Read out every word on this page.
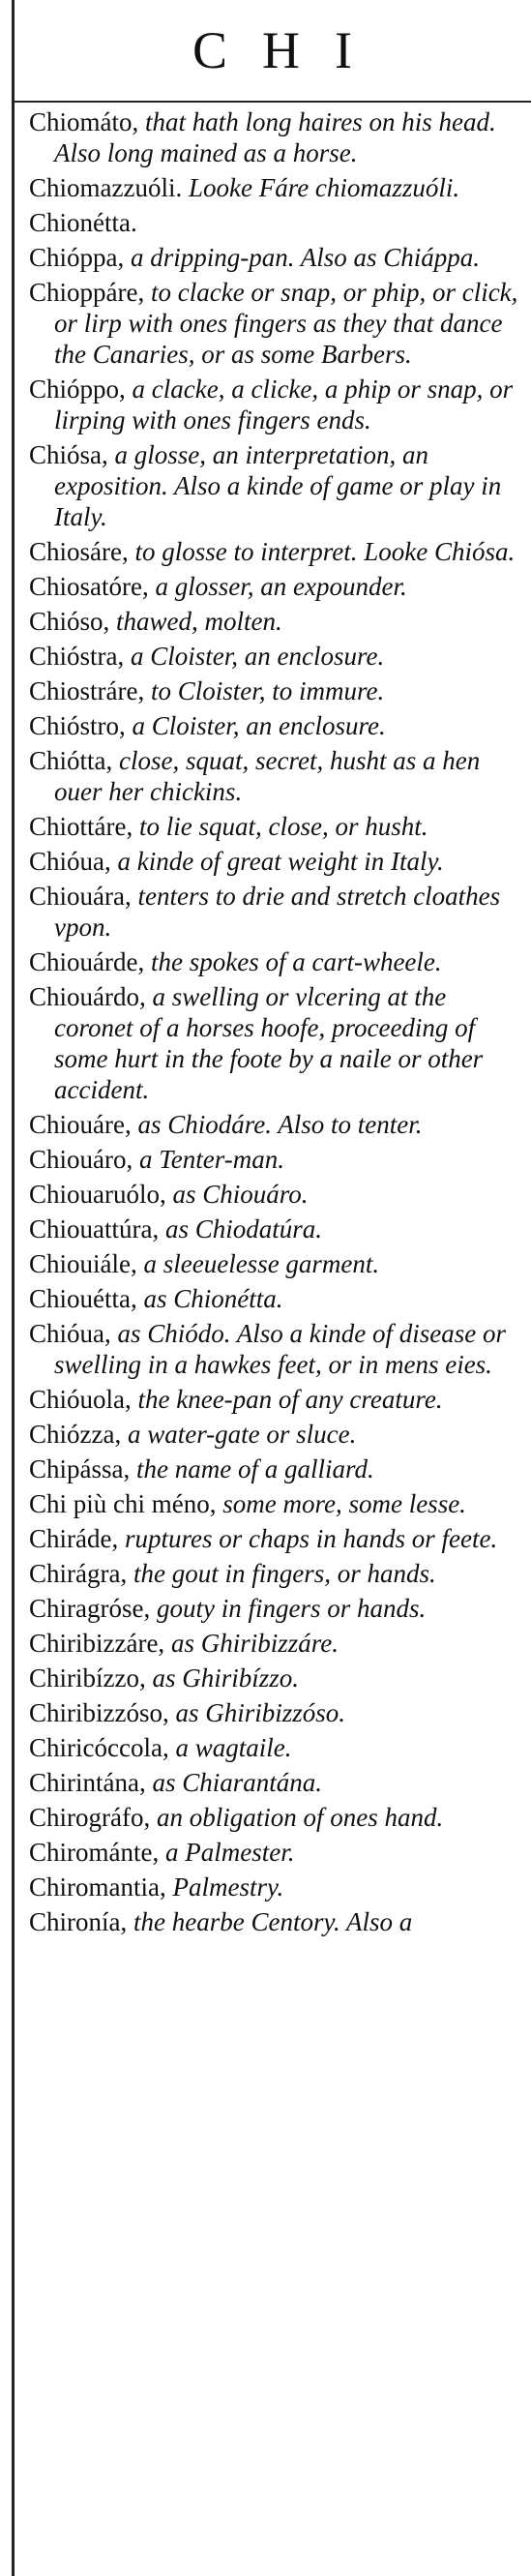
CHI
Chiomáto, that hath long haires on his head. Also long mained as a horse.
Chiomazzuóli. Looke Fáre chiomazzuóli.
Chionétta.
Chióppa, a dripping-pan. Also as Chiáppa.
Chioppáre, to clacke or snap, or phip, or click, or lirp with ones fingers as they that dance the Canaries, or as some Barbers.
Chióppo, a clacke, a clicke, a phip or snap, or lirping with ones fingers ends.
Chiósa, a glosse, an interpretation, an exposition. Also a kinde of game or play in Italy.
Chiosáre, to glosse to interpret. Looke Chiósa.
Chiosatóre, a glosser, an expounder.
Chióso, thawed, molten.
Chióstra, a Cloister, an enclosure.
Chiostráre, to Cloister, to immure.
Chióstro, a Cloister, an enclosure.
Chiótta, close, squat, secret, husht as a hen ouer her chickins.
Chiottáre, to lie squat, close, or husht.
Chióua, a kinde of great weight in Italy.
Chiouára, tenters to drie and stretch cloathes vpon.
Chiouárde, the spokes of a cart-wheele.
Chiouárdo, a swelling or vlcering at the coronet of a horses hoofe, proceeding of some hurt in the foote by a naile or other accident.
Chiouáre, as Chiodáre. Also to tenter.
Chiouáro, a Tenter-man.
Chiouaruólo, as Chiouáro.
Chiouattúra, as Chiodatúra.
Chiouiále, a sleeuelesse garment.
Chiouétta, as Chionétta.
Chióua, as Chiódo. Also a kinde of disease or swelling in a hawkes feet, or in mens eies.
Chióuola, the knee-pan of any creature.
Chiózza, a water-gate or sluce.
Chipássa, the name of a galliard.
Chi più chi méno, some more, some lesse.
Chiráde, ruptures or chaps in hands or feete.
Chirágra, the gout in fingers, or hands.
Chiragróse, gouty in fingers or hands.
Chiribizzáre, as Ghiribizzáre.
Chiribízzo, as Ghiribízzo.
Chiribizzóso, as Ghiribizzóso.
Chiricóccola, a wagtaile.
Chirintána, as Chiarantána.
Chirográfo, an obligation of ones hand.
Chirománte, a Palmester.
Chiromantia, Palmestry.
Chironía, the hearbe Centory. Also a
